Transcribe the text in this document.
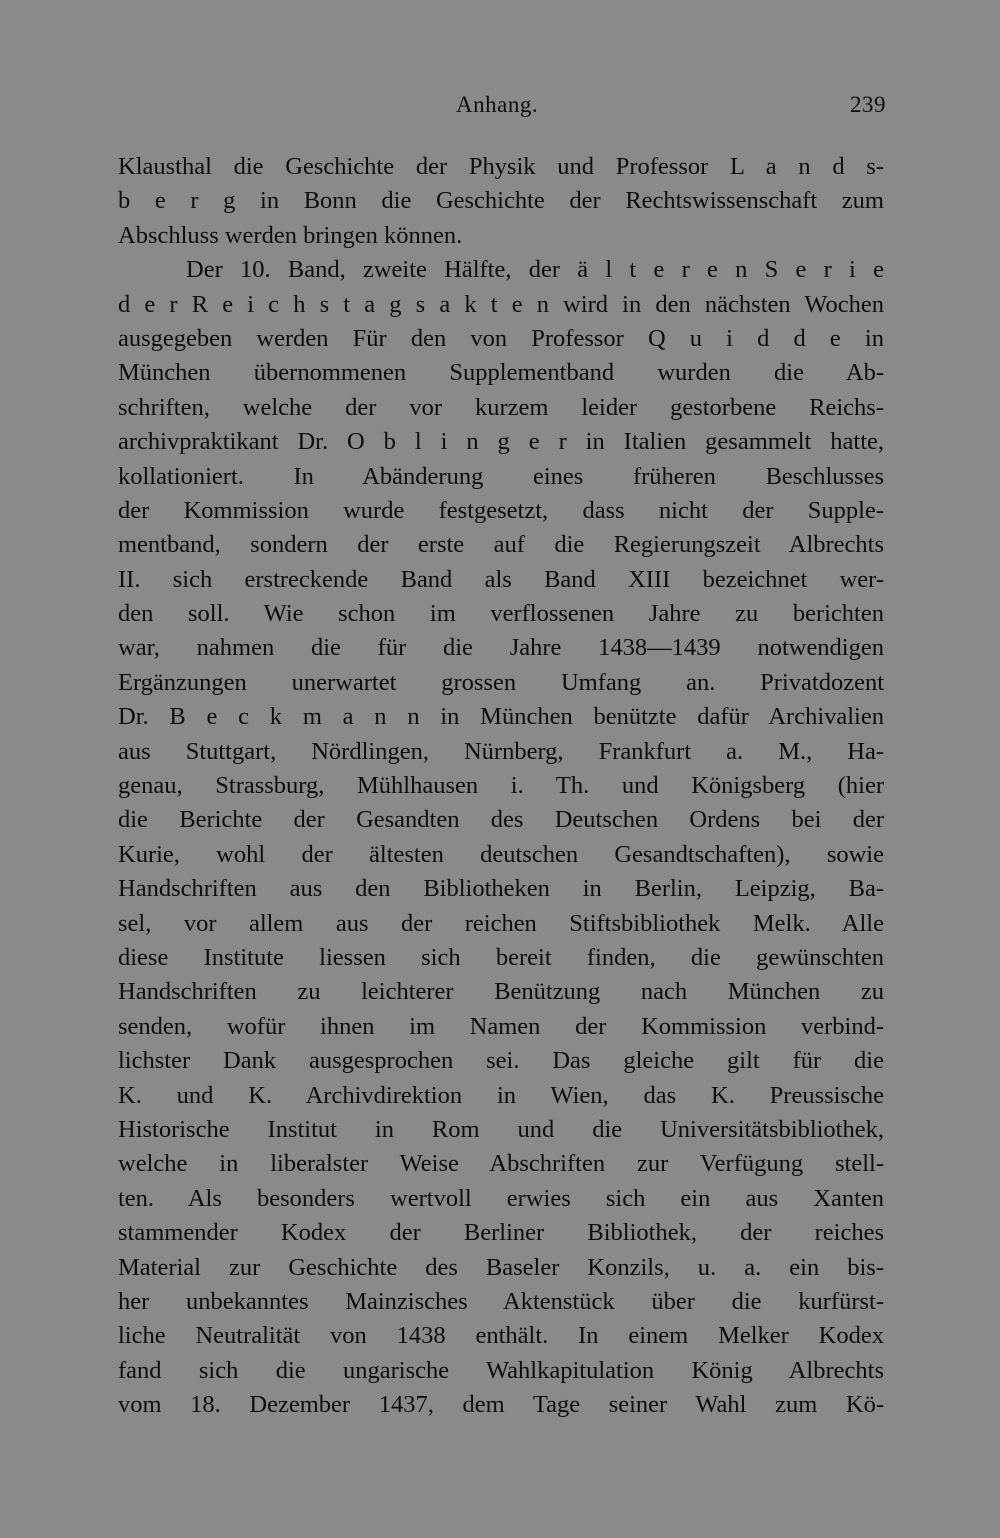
Anhang.	239
Klausthal die Geschichte der Physik und Professor L a n d s-
b e r g in Bonn die Geschichte der Rechtswissenschaft zum
Abschluss werden bringen können.
Der 10. Band, zweite Hälfte, der ä l t e r e n S e r i e
d e r R e i c h s t a g s a k t e n wird in den nächsten Wochen
ausgegeben werden Für den von Professor Q u i d d e in
München übernommenen Supplementband wurden die Ab-
schriften, welche der vor kurzem leider gestorbene Reichs-
archivpraktikant Dr. O b l i n g e r in Italien gesammelt hatte,
kollationiert. In Abänderung eines früheren Beschlusses
der Kommission wurde festgesetzt, dass nicht der Supple-
mentband, sondern der erste auf die Regierungszeit Albrechts
II. sich erstreckende Band als Band XIII bezeichnet wer-
den soll. Wie schon im verflossenen Jahre zu berichten
war, nahmen die für die Jahre 1438—1439 notwendigen
Ergänzungen unerwartet grossen Umfang an. Privatdozent
Dr. B e c k m a n n in München benützte dafür Archivalien
aus Stuttgart, Nördlingen, Nürnberg, Frankfurt a. M., Ha-
genau, Strassburg, Mühlhausen i. Th. und Königsberg (hier
die Berichte der Gesandten des Deutschen Ordens bei der
Kurie, wohl der ältesten deutschen Gesandtschaften), sowie
Handschriften aus den Bibliotheken in Berlin, Leipzig, Ba-
sel, vor allem aus der reichen Stiftsbibliothek Melk. Alle
diese Institute liessen sich bereit finden, die gewünschten
Handschriften zu leichterer Benützung nach München zu
senden, wofür ihnen im Namen der Kommission verbind-
lichster Dank ausgesprochen sei. Das gleiche gilt für die
K. und K. Archivdirektion in Wien, das K. Preussische
Historische Institut in Rom und die Universitätsbibliothek,
welche in liberalster Weise Abschriften zur Verfügung stell-
ten. Als besonders wertvoll erwies sich ein aus Xanten
stammender Kodex der Berliner Bibliothek, der reiches
Material zur Geschichte des Baseler Konzils, u. a. ein bis-
her unbekanntes Mainzisches Aktenstück über die kurfürst-
liche Neutralität von 1438 enthält. In einem Melker Kodex
fand sich die ungarische Wahlkapitulation König Albrechts
vom 18. Dezember 1437, dem Tage seiner Wahl zum Kö-
